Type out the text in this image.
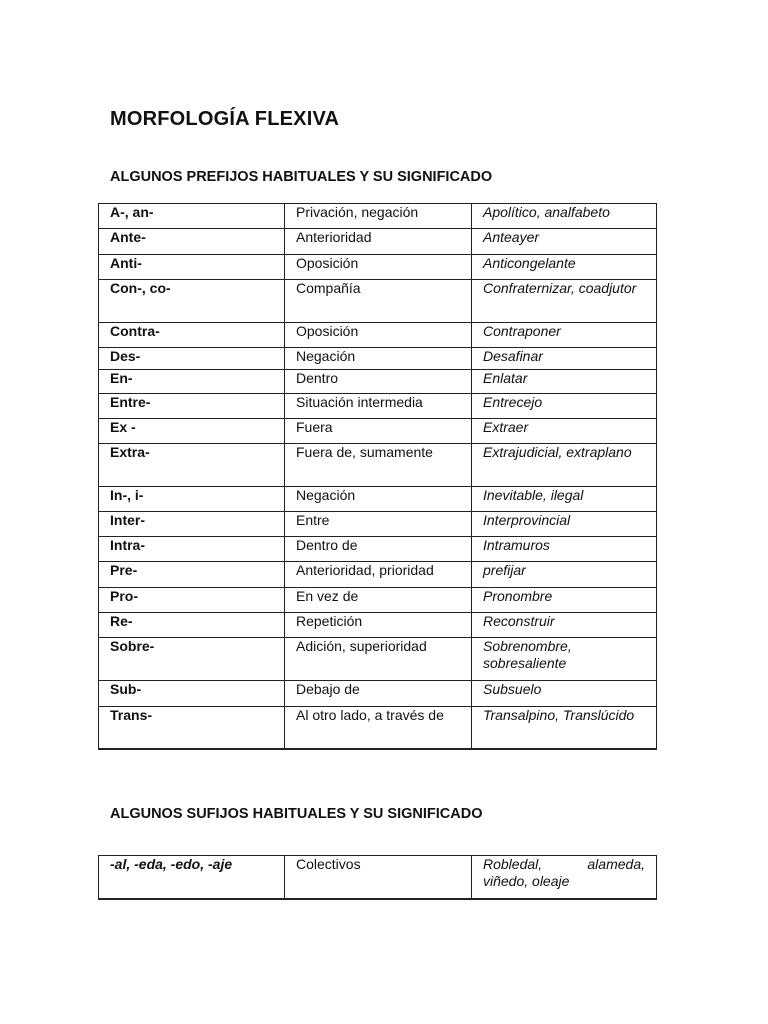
MORFOLOGÍA FLEXIVA
ALGUNOS PREFIJOS HABITUALES Y SU SIGNIFICADO
A-, an-	Privación, negación	Apolítico, analfabeto
Ante-	Anterioridad	Anteayer
Anti-	Oposición	Anticongelante
Con-, co-	Compañía	Confraternizar, coadjutor
Contra-	Oposición	Contraponer
Des-	Negación	Desafinar
En-	Dentro	Enlatar
Entre-	Situación intermedia	Entrecejo
Ex -	Fuera	Extraer
Extra-	Fuera de, sumamente	Extrajudicial, extraplano
In-, i-	Negación	Inevitable, ilegal
Inter-	Entre	Interprovincial
Intra-	Dentro de	Intramuros
Pre-	Anterioridad, prioridad	prefijar
Pro-	En vez de	Pronombre
Re-	Repetición	Reconstruir
Sobre-	Adición, superioridad	Sobrenombre, sobresaliente
Sub-	Debajo de	Subsuelo
Trans-	Al otro lado, a través de	Transalpino, Translúcido
ALGUNOS SUFIJOS HABITUALES Y SU SIGNIFICADO
-al, -eda, -edo, -aje	Colectivos	Robledal, alameda, viñedo, oleaje
